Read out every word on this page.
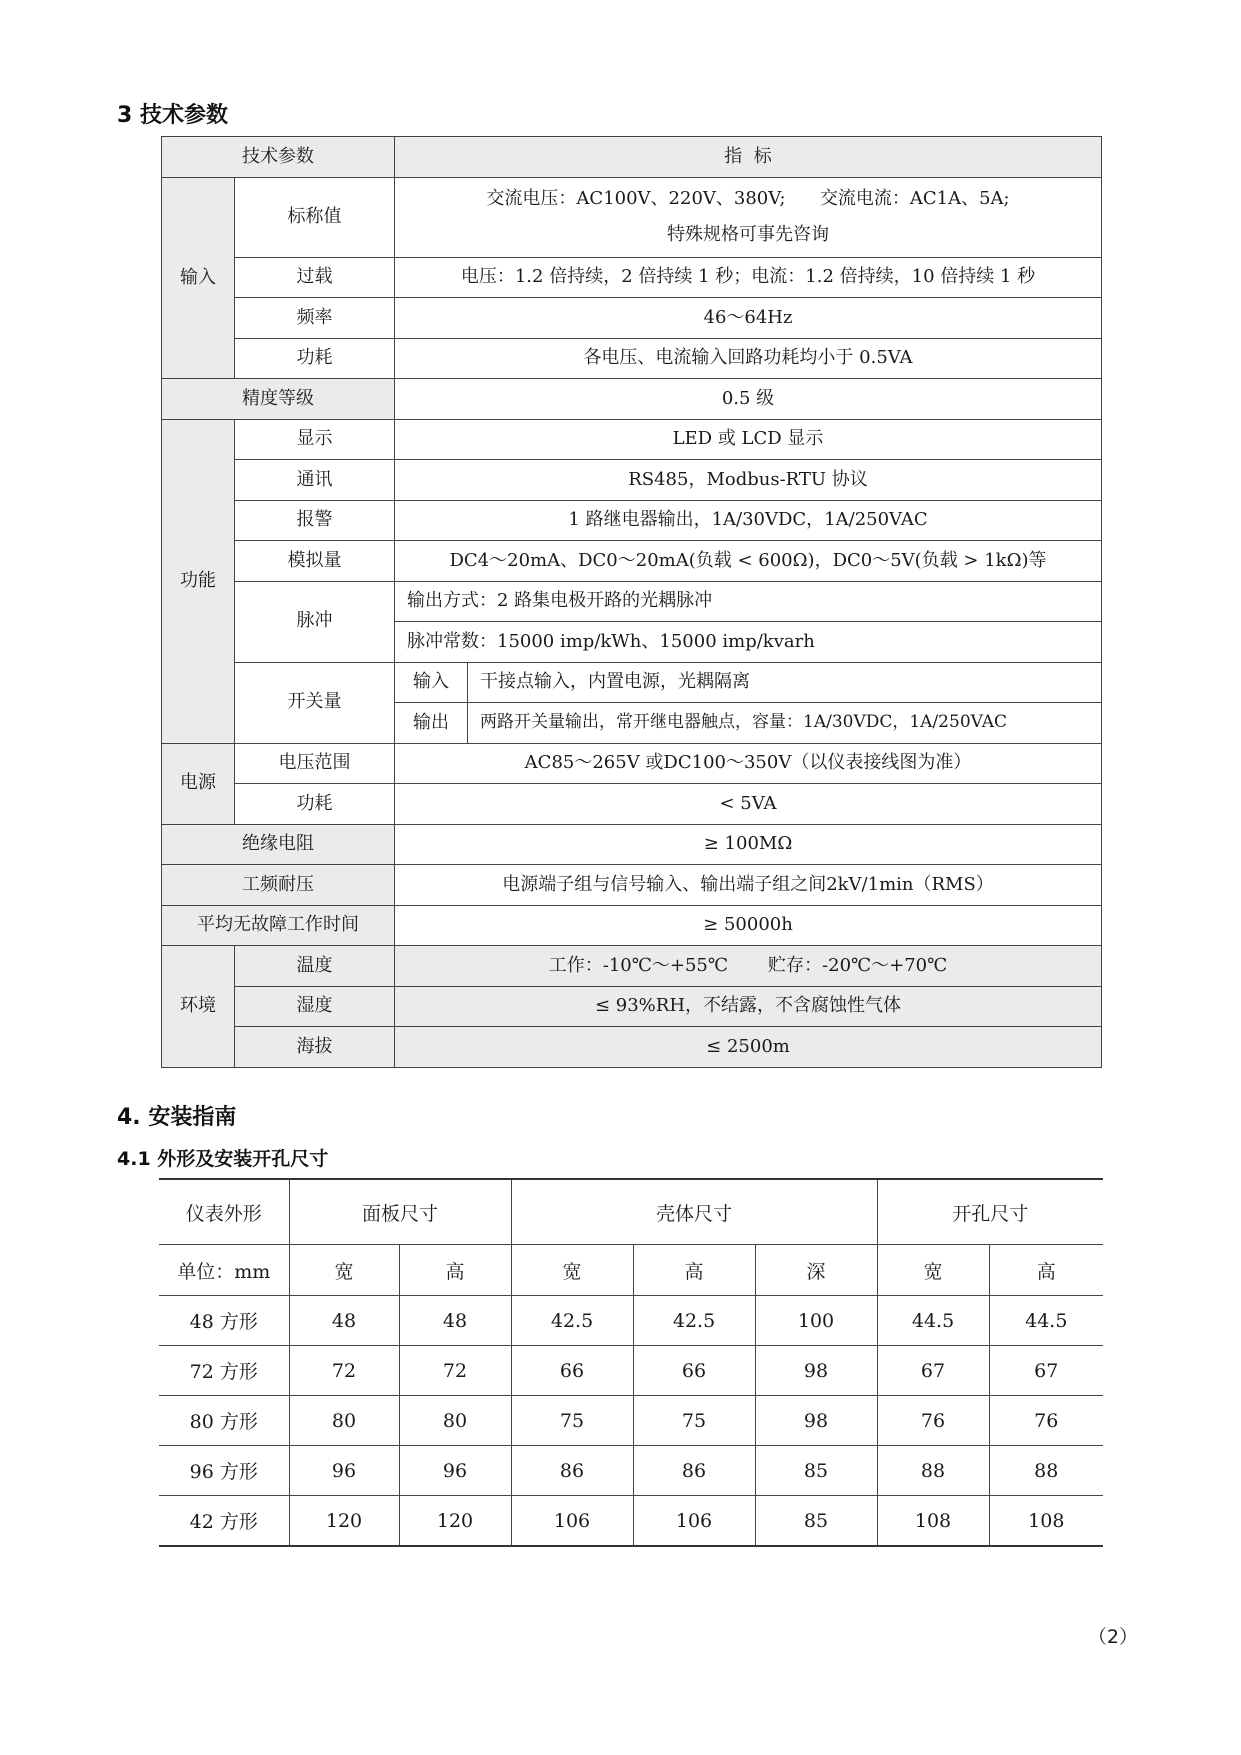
3 技术参数
技术参数		指  标	
输入	标称值	交流电压：AC100V、220V、380V;      交流电流：AC1A、5A;
特殊规格可事先咨询	

	过载	电压：1.2 倍持续，2 倍持续 1 秒；电流：1.2 倍持续，10 倍持续 1 秒	
	频率	46～64Hz	
	功耗	各电压、电流输入回路功耗均小于 0.5VA	
精度等级		0.5 级	
功能	显示	LED 或 LCD 显示	
	通讯	RS485，Modbus-RTU 协议	
	报警	1 路继电器输出，1A/30VDC，1A/250VAC	
	模拟量	DC4～20mA、DC0～20mA(负载 < 600Ω)，DC0～5V(负载 > 1kΩ)等	
	脉冲	输出方式：2 路集电极开路的光耦脉冲	
		脉冲常数：15000 imp/kWh、15000 imp/kvarh	
	开关量	输入	干接点输入，内置电源，光耦隔离
		输出	两路开关量输出，常开继电器触点，容量：1A/30VDC，1A/250VAC
电源	电压范围	AC85～265V 或DC100～350V（以仪表接线图为准）	
	功耗	< 5VA	
绝缘电阻		≥ 100MΩ	
工频耐压		电源端子组与信号输入、输出端子组之间2kV/1min（RMS）	
平均无故障工作时间		≥ 50000h	
环境	温度	工作：-10℃～+55℃       贮存：-20℃～+70℃	
	湿度	≤ 93%RH，不结露，不含腐蚀性气体	
	海拔	≤ 2500m	
4. 安装指南
4.1 外形及安装开孔尺寸
仪表外形	面板尺寸		壳体尺寸			开孔尺寸	
单位：mm	宽	高	宽	高	深	宽	高
48 方形	48	48	42.5	42.5	100	44.5	44.5
72 方形	72	72	66	66	98	67	67
80 方形	80	80	75	75	98	76	76
96 方形	96	96	86	86	85	88	88
42 方形	120	120	106	106	85	108	108
（2）
